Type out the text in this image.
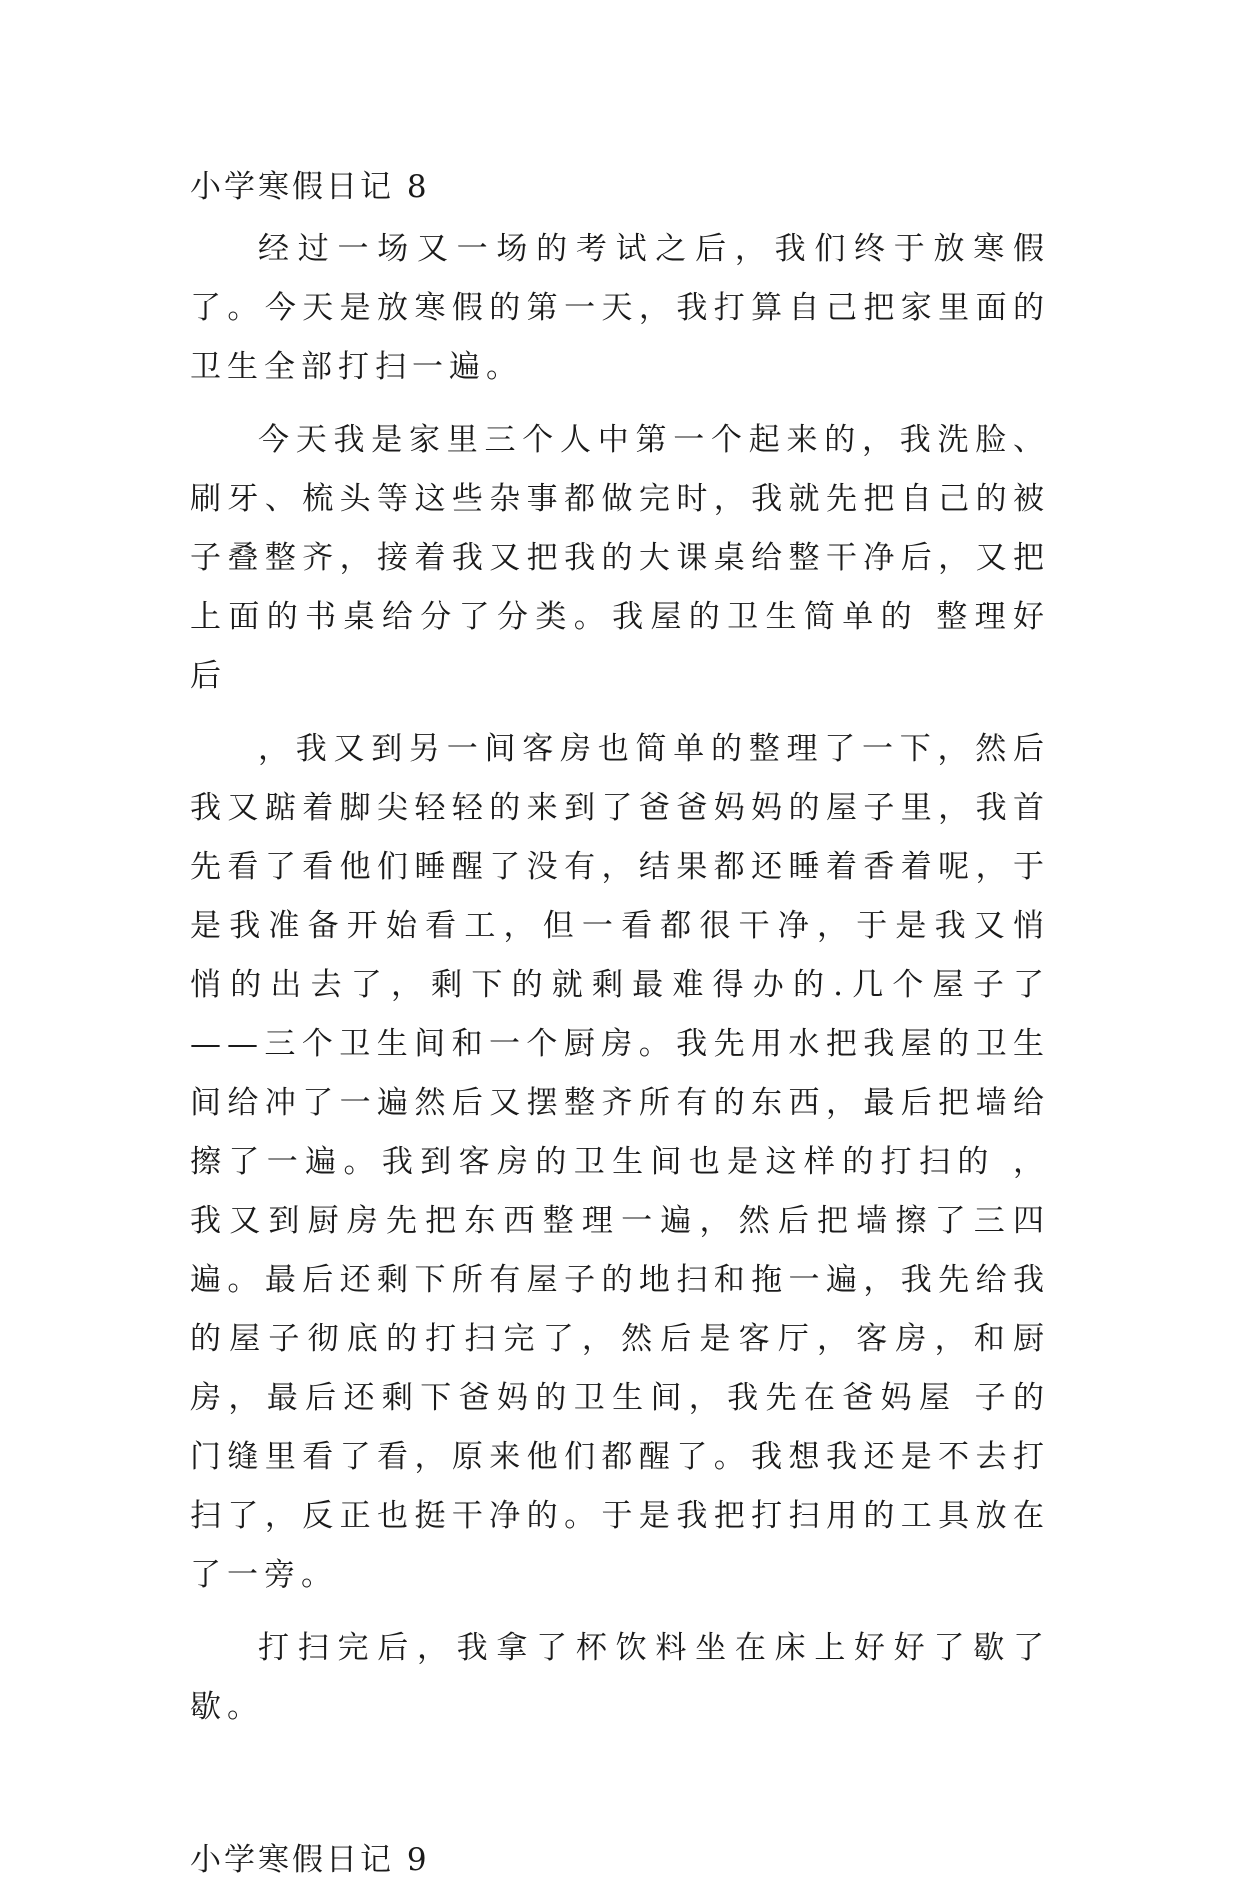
小学寒假日记 8

经过一场又一场的考试之后，我们终于放寒假了。今天是放寒假的第一天，我打算自己把家里面的卫生全部打扫一遍。

今天我是家里三个人中第一个起来的，我洗脸、刷牙、梳头等这些杂事都做完时，我就先把自己的被子叠整齐，接着我又把我的大课桌给整干净后，又把上面的书桌给分了分类。我屋的卫生简单的 整理好后

，我又到另一间客房也简单的整理了一下，然后我又踮着脚尖轻轻的来到了爸爸妈妈的屋子里，我首先看了看他们睡醒了没有，结果都还睡着香着呢，于是我准备开始看工，但一看都很干净，于是我又悄 悄的出去了，剩下的就剩最难得办的.几个屋子了——三个卫生间和一个厨房。我先用水把我屋的卫生间给冲了一遍然后又摆整齐所有的东西，最后把墙给擦了一遍。我到客房的卫生间也是这样的打扫的 ，我又到厨房先把东西整理一遍，然后把墙擦了三四遍。最后还剩下所有屋子的地扫和拖一遍，我先给我的屋子彻底的打扫完了，然后是客厅，客房，和厨房，最后还剩下爸妈的卫生间，我先在爸妈屋 子的门缝里看了看，原来他们都醒了。我想我还是不去打扫了，反正也挺干净的。于是我把打扫用的工具放在了一旁。

打扫完后，我拿了杯饮料坐在床上好好了歇了歇。

小学寒假日记 9
